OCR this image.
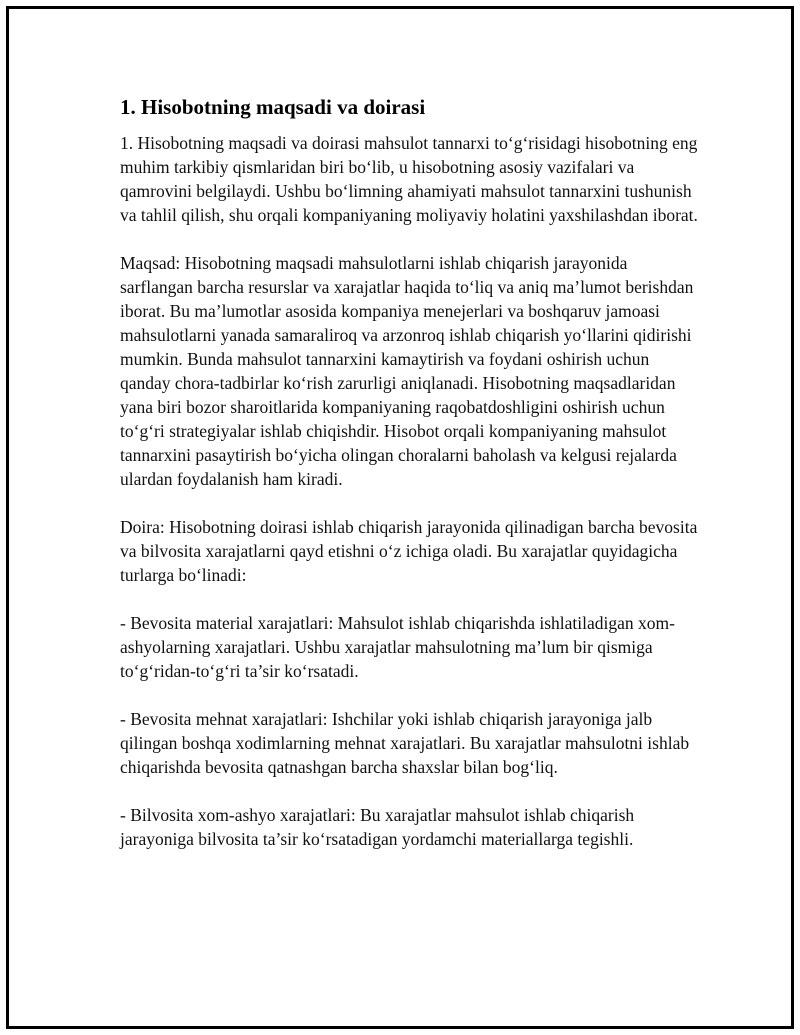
1. Hisobotning maqsadi va doirasi

1. Hisobotning maqsadi va doirasi mahsulot tannarxi to‘g‘risidagi hisobotning eng muhim tarkibiy qismlaridan biri bo‘lib, u hisobotning asosiy vazifalari va qamrovini belgilaydi. Ushbu bo‘limning ahamiyati mahsulot tannarxini tushunish va tahlil qilish, shu orqali kompaniyaning moliyaviy holatini yaxshilashdan iborat.

Maqsad: Hisobotning maqsadi mahsulotlarni ishlab chiqarish jarayonida sarflangan barcha resurslar va xarajatlar haqida to‘liq va aniq ma’lumot berishdan iborat. Bu ma’lumotlar asosida kompaniya menejerlari va boshqaruv jamoasi mahsulotlarni yanada samaraliroq va arzonroq ishlab chiqarish yo‘llarini qidirishi mumkin. Bunda mahsulot tannarxini kamaytirish va foydani oshirish uchun qanday chora-tadbirlar ko‘rish zarurligi aniqlanadi. Hisobotning maqsadlaridan yana biri bozor sharoitlarida kompaniyaning raqobatdoshligini oshirish uchun to‘g‘ri strategiyalar ishlab chiqishdir. Hisobot orqali kompaniyaning mahsulot tannarxini pasaytirish bo‘yicha olingan choralarni baholash va kelgusi rejalarda ulardan foydalanish ham kiradi.

Doira: Hisobotning doirasi ishlab chiqarish jarayonida qilinadigan barcha bevosita va bilvosita xarajatlarni qayd etishni o‘z ichiga oladi. Bu xarajatlar quyidagicha turlarga bo‘linadi:

- Bevosita material xarajatlari: Mahsulot ishlab chiqarishda ishlatiladigan xom-ashyolarning xarajatlari. Ushbu xarajatlar mahsulotning ma’lum bir qismiga to‘g‘ridan-to‘g‘ri ta’sir ko‘rsatadi.

- Bevosita mehnat xarajatlari: Ishchilar yoki ishlab chiqarish jarayoniga jalb qilingan boshqa xodimlarning mehnat xarajatlari. Bu xarajatlar mahsulotni ishlab chiqarishda bevosita qatnashgan barcha shaxslar bilan bog‘liq.

- Bilvosita xom-ashyo xarajatlari: Bu xarajatlar mahsulot ishlab chiqarish jarayoniga bilvosita ta’sir ko‘rsatadigan yordamchi materiallarga tegishli.
